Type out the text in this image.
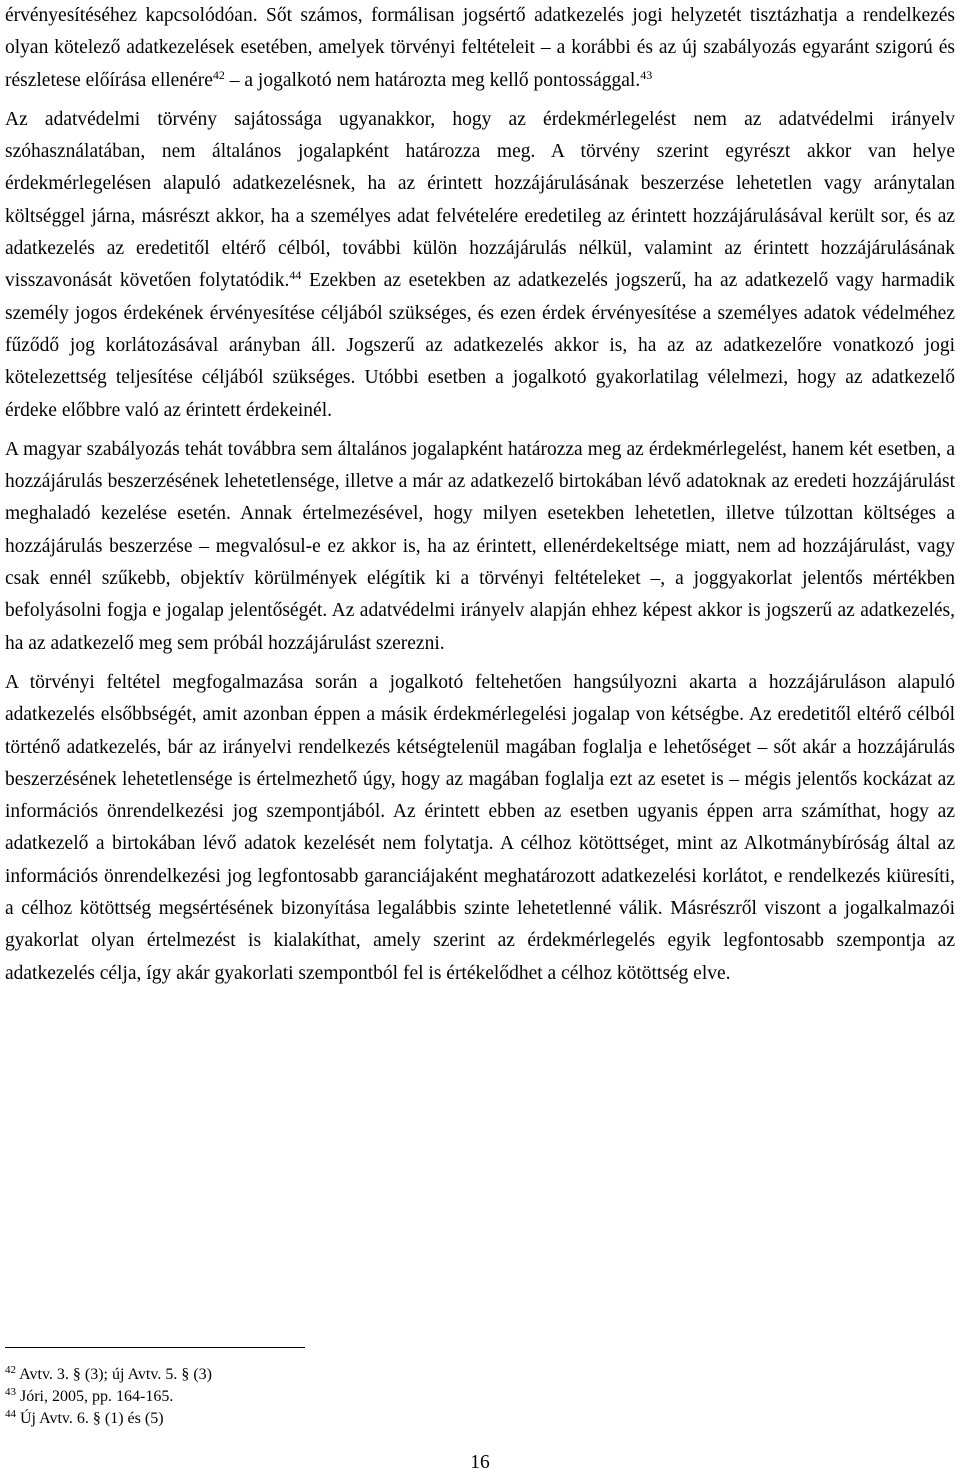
érvényesítéséhez kapcsolódóan. Sőt számos, formálisan jogsértő adatkezelés jogi helyzetét tisztázhatja a rendelkezés olyan kötelező adatkezelések esetében, amelyek törvényi feltételeit – a korábbi és az új szabályozás egyaránt szigorú és részletese előírása ellenére$^{42}$ – a jogalkotó nem határozta meg kellő pontossággal.$^{43}$

Az adatvédelmi törvény sajátossága ugyanakkor, hogy az érdekmérlegelést nem az adatvédelmi irányelv szóhasználatában, nem általános jogalapként határozza meg. A törvény szerint egyrészt akkor van helye érdekmérlegelésen alapuló adatkezelésnek, ha az érintett hozzájárulásának beszerzése lehetetlen vagy aránytalan költséggel járna, másrészt akkor, ha a személyes adat felvételére eredetileg az érintett hozzájárulásával került sor, és az adatkezelés az eredetitől eltérő célból, további külön hozzájárulás nélkül, valamint az érintett hozzájárulásának visszavonását követően folytatódik.$^{44}$ Ezekben az esetekben az adatkezelés jogszerű, ha az adatkezelő vagy harmadik személy jogos érdekének érvényesítése céljából szükséges, és ezen érdek érvényesítése a személyes adatok védelméhez fűződő jog korlátozásával arányban áll. Jogszerű az adatkezelés akkor is, ha az az adatkezelőre vonatkozó jogi kötelezettség teljesítése céljából szükséges. Utóbbi esetben a jogalkotó gyakorlatilag vélelmezi, hogy az adatkezelő érdeke előbbre való az érintett érdekeinél.

A magyar szabályozás tehát továbbra sem általános jogalapként határozza meg az érdekmérlegelést, hanem két esetben, a hozzájárulás beszerzésének lehetetlensége, illetve a már az adatkezelő birtokában lévő adatoknak az eredeti hozzájárulást meghaladó kezelése esetén. Annak értelmezésével, hogy milyen esetekben lehetetlen, illetve túlzottan költséges a hozzájárulás beszerzése – megvalósul-e ez akkor is, ha az érintett, ellenérdekeltsége miatt, nem ad hozzájárulást, vagy csak ennél szűkebb, objektív körülmények elégítik ki a törvényi feltételeket –, a joggyakorlat jelentős mértékben befolyásolni fogja e jogalap jelentőségét. Az adatvédelmi irányelv alapján ehhez képest akkor is jogszerű az adatkezelés, ha az adatkezelő meg sem próbál hozzájárulást szerezni.

A törvényi feltétel megfogalmazása során a jogalkotó feltehetően hangsúlyozni akarta a hozzájáruláson alapuló adatkezelés elsőbbségét, amit azonban éppen a másik érdekmérlegelési jogalap von kétségbe. Az eredetitől eltérő célból történő adatkezelés, bár az irányelvi rendelkezés kétségtelenül magában foglalja e lehetőséget – sőt akár a hozzájárulás beszerzésének lehetetlensége is értelmezhető úgy, hogy az magában foglalja ezt az esetet is – mégis jelentős kockázat az információs önrendelkezési jog szempontjából. Az érintett ebben az esetben ugyanis éppen arra számíthat, hogy az adatkezelő a birtokában lévő adatok kezelését nem folytatja. A célhoz kötöttséget, mint az Alkotmánybíróság által az információs önrendelkezési jog legfontosabb garanciájaként meghatározott adatkezelési korlátot, e rendelkezés kiüresíti, a célhoz kötöttség megsértésének bizonyítása legalábbis szinte lehetetlenné válik. Másrészről viszont a jogalkalmazói gyakorlat olyan értelmezést is kialakíthat, amely szerint az érdekmérlegelés egyik legfontosabb szempontja az adatkezelés célja, így akár gyakorlati szempontból fel is értékelődhet a célhoz kötöttség elve.

$^{42}$ Avtv. 3. § (3); új Avtv. 5. § (3)

$^{43}$ Jóri, 2005, pp. 164-165.

$^{44}$ Új Avtv. 6. § (1) és (5)

16
